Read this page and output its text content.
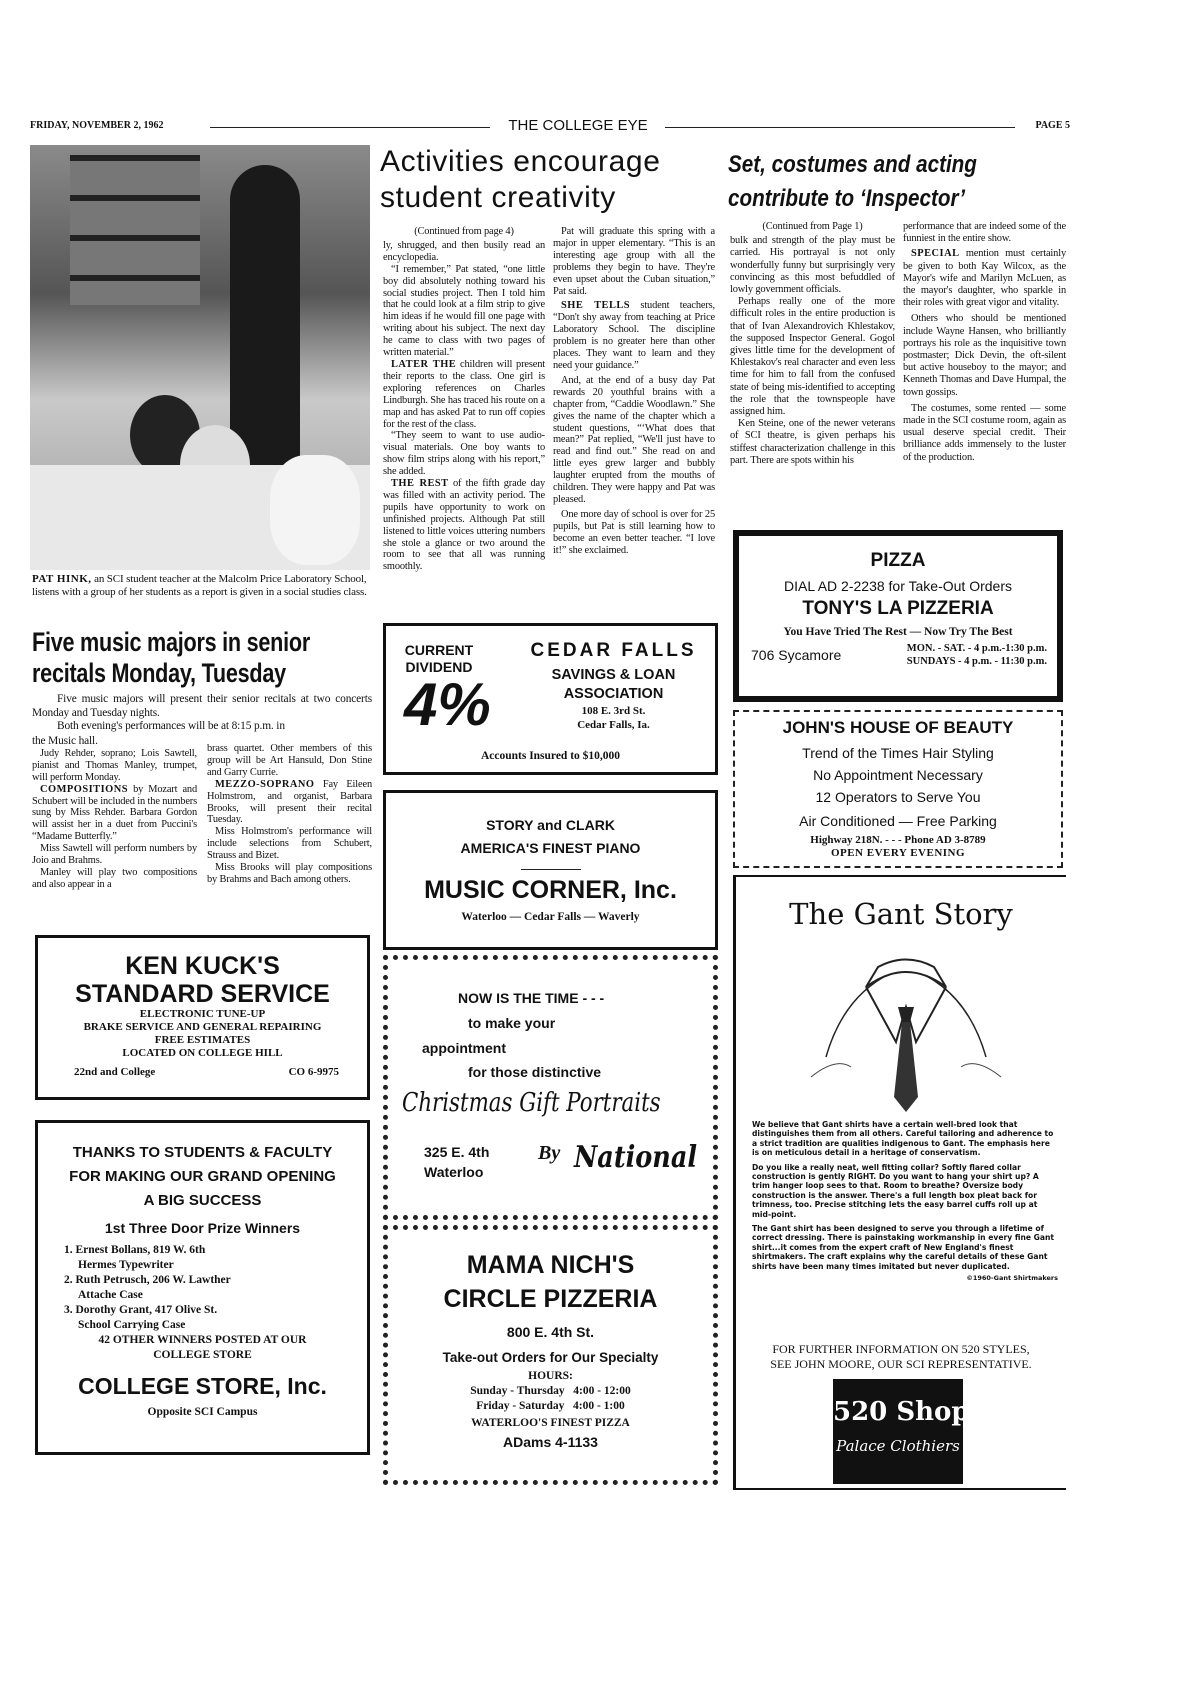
FRIDAY, NOVEMBER 2, 1962	THE COLLEGE EYE	PAGE 5
PAT HINK, an SCI student teacher at the Malcolm Price Laboratory School, listens with a group of her students as a report is given in a social studies class.
Five music majors in senior recitals Monday, Tuesday

Five music majors will present their senior recitals at two concerts Monday and Tuesday nights.

Both evening's performances will be at 8:15 p.m. in

the Music hall.

Judy Rehder, soprano; Lois Sawtell, pianist and Thomas Manley, trumpet, will perform Monday.

COMPOSITIONS by Mozart and Schubert will be included in the numbers sung by Miss Rehder. Barbara Gordon will assist her in a duet from Puccini's “Madame Butterfly.”

Miss Sawtell will perform numbers by Joio and Brahms.

Manley will play two compositions and also appear in a

brass quartet. Other members of this group will be Art Hansuld, Don Stine and Garry Currie.

MEZZO-SOPRANO Fay Eileen Holmstrom, and organist, Barbara Brooks, will present their recital Tuesday.

Miss Holmstrom's performance will include selections from Schubert, Strauss and Bizet.

Miss Brooks will play compositions by Brahms and Bach among others.

KEN KUCK'S
STANDARD SERVICE
ELECTRONIC TUNE-UP
BRAKE SERVICE AND GENERAL REPAIRING
FREE ESTIMATES
LOCATED ON COLLEGE HILL
22nd and College	CO 6-9975
THANKS TO STUDENTS & FACULTY
FOR MAKING OUR GRAND OPENING
A BIG SUCCESS
1st Three Door Prize Winners
1. Ernest Bollans, 819 W. 6th
Hermes Typewriter
2. Ruth Petrusch, 206 W. Lawther
Attache Case
3. Dorothy Grant, 417 Olive St.
School Carrying Case
42 OTHER WINNERS POSTED AT OUR
COLLEGE STORE
COLLEGE STORE, Inc.
Opposite SCI Campus
Activities encourage student creativity

(Continued from page 4)

ly, shrugged, and then busily read an encyclopedia.

“I remember,” Pat stated, “one little boy did absolutely nothing toward his social studies project. Then I told him that he could look at a film strip to give him ideas if he would fill one page with writing about his subject. The next day he came to class with two pages of written material.”

LATER THE children will present their reports to the class. One girl is exploring references on Charles Lindburgh. She has traced his route on a map and has asked Pat to run off copies for the rest of the class.

“They seem to want to use audio-visual materials. One boy wants to show film strips along with his report,” she added.

THE REST of the fifth grade day was filled with an activity period. The pupils have opportunity to work on unfinished projects. Although Pat still listened to little voices uttering numbers she stole a glance or two around the room to see that all was running smoothly.

Pat will graduate this spring with a major in upper elementary. “This is an interesting age group with all the problems they begin to have. They're even upset about the Cuban situation,” Pat said.

SHE TELLS student teachers, “Don't shy away from teaching at Price Laboratory School. The discipline problem is no greater here than other places. They want to learn and they need your guidance.”

And, at the end of a busy day Pat rewards 20 youthful brains with a chapter from, “Caddie Woodlawn.” She gives the name of the chapter which a student questions, “‘What does that mean?” Pat replied, “We'll just have to read and find out.” She read on and little eyes grew larger and bubbly laughter erupted from the mouths of children. They were happy and Pat was pleased.

One more day of school is over for 25 pupils, but Pat is still learning how to become an even better teacher. “I love it!” she exclaimed.

CURRENT
DIVIDEND
4%
CEDAR FALLS
SAVINGS & LOAN
ASSOCIATION
108 E. 3rd St.
Cedar Falls, Ia.
Accounts Insured to $10,000
STORY and CLARK
AMERICA'S FINEST PIANO
MUSIC CORNER, Inc.
Waterloo — Cedar Falls — Waverly
NOW IS THE TIME - - -
to make your
appointment
for those distinctive
Christmas Gift Portraits
325 E. 4th
Waterloo
By National
MAMA NICH'S
CIRCLE PIZZERIA
800 E. 4th St.
Take-out Orders for Our Specialty
HOURS:
Sunday - Thursday 4:00 - 12:00
Friday - Saturday 4:00 - 1:00
WATERLOO'S FINEST PIZZA
ADams 4-1133
Set, costumes and acting contribute to ‘Inspector’

(Continued from Page 1)

bulk and strength of the play must be carried. His portrayal is not only wonderfully funny but surprisingly very convincing as this most befuddled of lowly government officials.

Perhaps really one of the more difficult roles in the entire production is that of Ivan Alexandrovich Khlestakov, the supposed Inspector General. Gogol gives little time for the development of Khlestakov's real character and even less time for him to fall from the confused state of being mis-identified to accepting the role that the townspeople have assigned him.

Ken Steine, one of the newer veterans of SCI theatre, is given perhaps his stiffest characterization challenge in this part. There are spots within his

performance that are indeed some of the funniest in the entire show.

SPECIAL mention must certainly be given to both Kay Wilcox, as the Mayor's wife and Marilyn McLuen, as the mayor's daughter, who sparkle in their roles with great vigor and vitality.

Others who should be mentioned include Wayne Hansen, who brilliantly portrays his role as the inquisitive town postmaster; Dick Devin, the oft-silent but active houseboy to the mayor; and Kenneth Thomas and Dave Humpal, the town gossips.

The costumes, some rented — some made in the SCI costume room, again as usual deserve special credit. Their brilliance adds immensely to the luster of the production.

PIZZA
DIAL AD 2-2238 for Take-Out Orders
TONY'S LA PIZZERIA
You Have Tried The Rest — Now Try The Best
706 Sycamore	MON. - SAT. - 4 p.m.-1:30 p.m.
SUNDAYS - 4 p.m. - 11:30 p.m.
JOHN'S HOUSE OF BEAUTY
Trend of the Times Hair Styling
No Appointment Necessary
12 Operators to Serve You
Air Conditioned — Free Parking
Highway 218N. - - - Phone AD 3-8789
OPEN EVERY EVENING
The Gant Story

We believe that Gant shirts have a certain well-bred look that distinguishes them from all others. Careful tailoring and adherence to a strict tradition are qualities indigenous to Gant. The emphasis here is on meticulous detail in a heritage of conservatism.

Do you like a really neat, well fitting collar? Softly flared collar construction is gently RIGHT. Do you want to hang your shirt up? A trim hanger loop sees to that. Room to breathe? Oversize body construction is the answer. There's a full length box pleat back for trimness, too. Precise stitching lets the easy barrel cuffs roll up at mid-point.

The Gant shirt has been designed to serve you through a lifetime of correct dressing. There is painstaking workmanship in every fine Gant shirt...it comes from the expert craft of New England's finest shirtmakers. The craft explains why the careful details of these Gant shirts have been many times imitated but never duplicated.

©1960-Gant Shirtmakers

FOR FURTHER INFORMATION ON 520 STYLES,
SEE JOHN MOORE, OUR SCI REPRESENTATIVE.
520 Shop
Palace Clothiers
